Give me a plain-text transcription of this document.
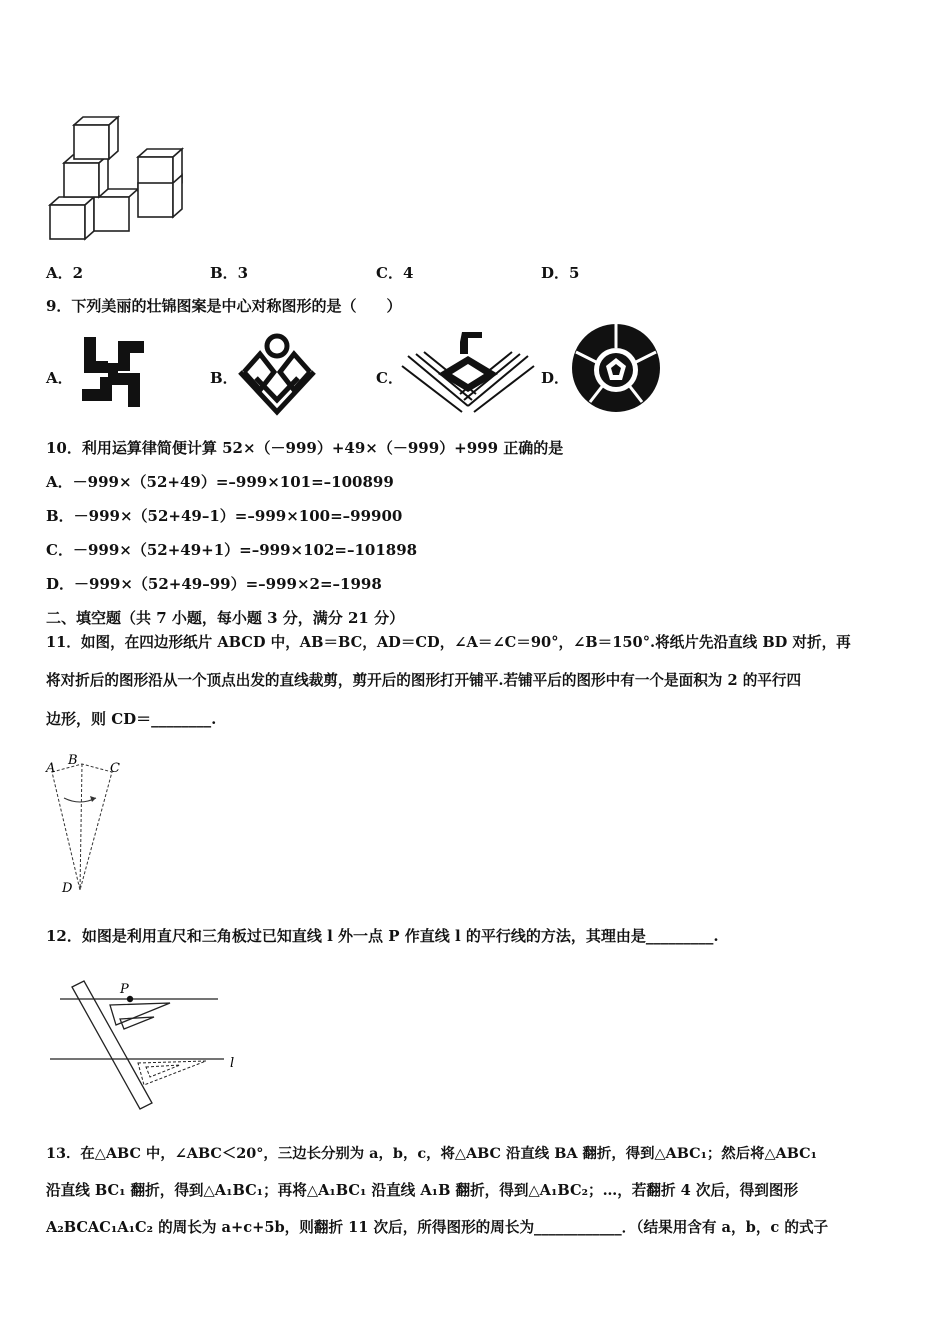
A．2	B．3	C．4	D．5
9．下列美丽的壮锦图案是中心对称图形的是（　　）
A．	B．	C．	D．
10．利用运算律简便计算 52×（－999）+49×（－999）+999 正确的是
A．－999×（52+49）=–999×101=–100899
B．－999×（52+49–1）=–999×100=–99900
C．－999×（52+49+1）=–999×102=–101898
D．－999×（52+49–99）=–999×2=–1998
二、填空题（共 7 小题，每小题 3 分，满分 21 分）
11．如图，在四边形纸片 ABCD 中，AB＝BC，AD＝CD，∠A＝∠C＝90°，∠B＝150°.将纸片先沿直线 BD 对折，再
将对折后的图形沿从一个顶点出发的直线裁剪，剪开后的图形打开铺平.若铺平后的图形中有一个是面积为 2 的平行四
边形，则 CD＝________.
A
B
C
D
12．如图是利用直尺和三角板过已知直线 l 外一点 P 作直线 l 的平行线的方法，其理由是_________.
P
l
13．在△ABC 中，∠ABC＜20°，三边长分别为 a，b，c，将△ABC 沿直线 BA 翻折，得到△ABC₁；然后将△ABC₁
沿直线 BC₁ 翻折，得到△A₁BC₁；再将△A₁BC₁ 沿直线 A₁B 翻折，得到△A₁BC₂；…，若翻折 4 次后，得到图形
A₂BCAC₁A₁C₂ 的周长为 a+c+5b，则翻折 11 次后，所得图形的周长为____________．（结果用含有 a，b，c 的式子
